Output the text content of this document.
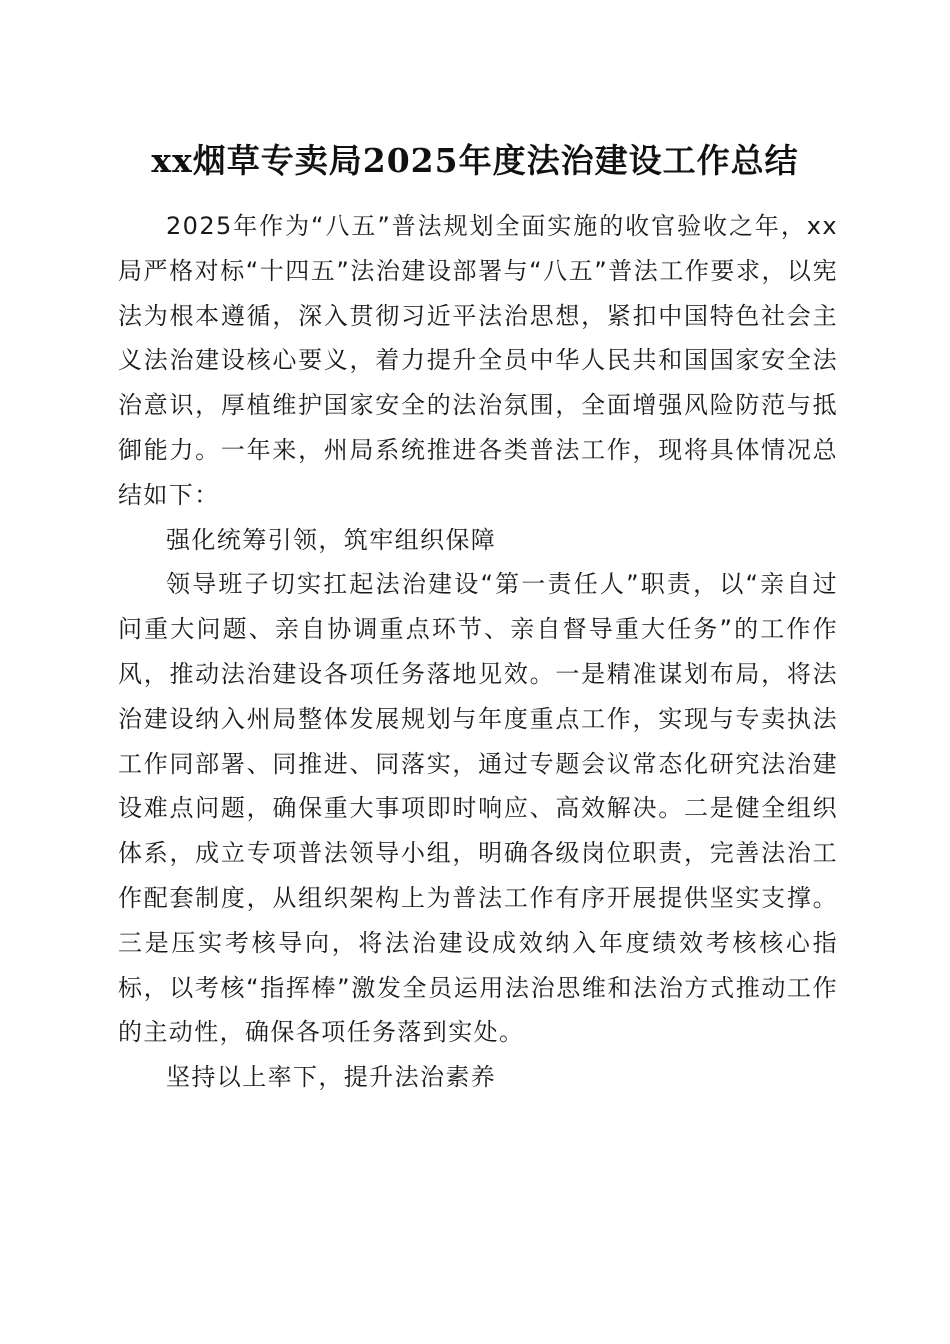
xx烟草专卖局2025年度法治建设工作总结

2025年作为“八五”普法规划全面实施的收官验收之年，xx局严格对标“十四五”法治建设部署与“八五”普法工作要求，以宪法为根本遵循，深入贯彻习近平法治思想，紧扣中国特色社会主义法治建设核心要义，着力提升全员中华人民共和国国家安全法治意识，厚植维护国家安全的法治氛围，全面增强风险防范与抵御能力。一年来，州局系统推进各类普法工作，现将具体情况总结如下：

强化统筹引领，筑牢组织保障

领导班子切实扛起法治建设“第一责任人”职责，以“亲自过问重大问题、亲自协调重点环节、亲自督导重大任务”的工作作风，推动法治建设各项任务落地见效。一是精准谋划布局，将法治建设纳入州局整体发展规划与年度重点工作，实现与专卖执法工作同部署、同推进、同落实，通过专题会议常态化研究法治建设难点问题，确保重大事项即时响应、高效解决。二是健全组织体系，成立专项普法领导小组，明确各级岗位职责，完善法治工作配套制度，从组织架构上为普法工作有序开展提供坚实支撑。三是压实考核导向，将法治建设成效纳入年度绩效考核核心指标，以考核“指挥棒”激发全员运用法治思维和法治方式推动工作的主动性，确保各项任务落到实处。

坚持以上率下，提升法治素养
